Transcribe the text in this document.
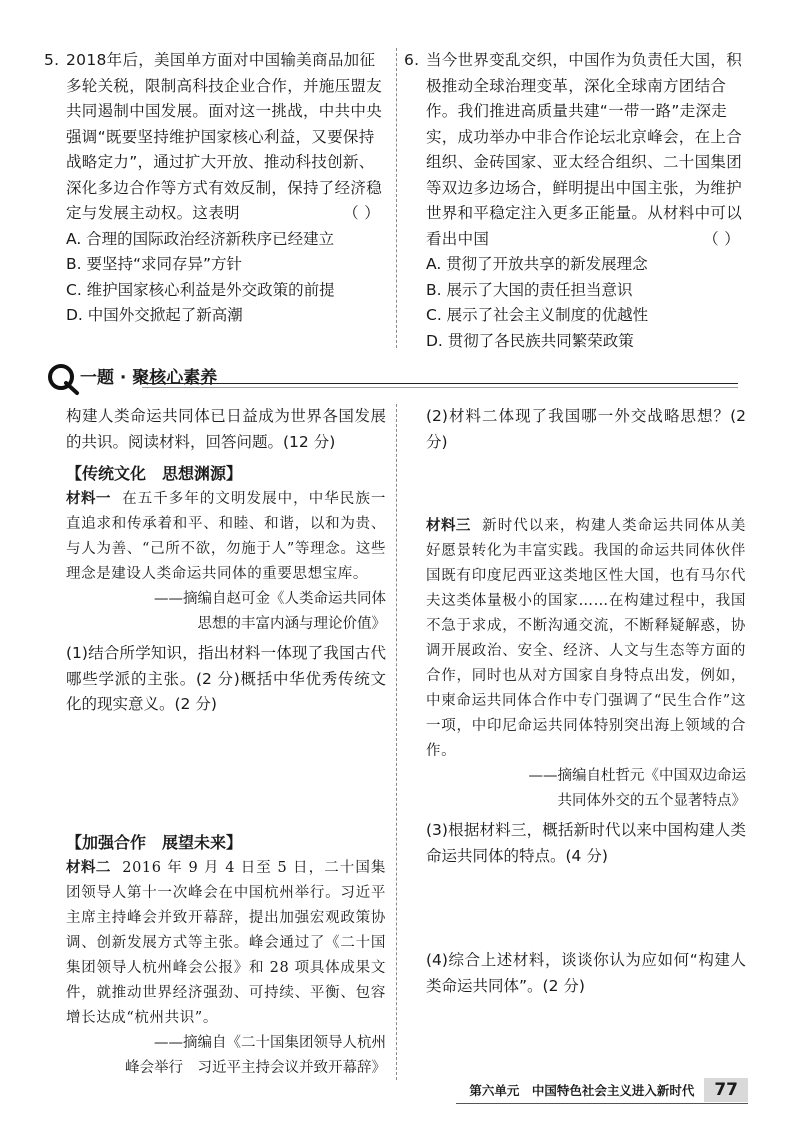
5. 2018年后，美国单方面对中国输美商品加征多轮关税，限制高科技企业合作，并施压盟友共同遏制中国发展。面对这一挑战，中共中央强调“既要坚持维护国家核心利益，又要保持战略定力”，通过扩大开放、推动科技创新、深化多边合作等方式有效反制，保持了经济稳定与发展主动权。这表明	（ ）

A. 合理的国际政治经济新秩序已经建立

B. 要坚持“求同存异”方针

C. 维护国家核心利益是外交政策的前提

D. 中国外交掀起了新高潮

6. 当今世界变乱交织，中国作为负责任大国，积极推动全球治理变革，深化全球南方团结合作。我们推进高质量共建“一带一路”走深走实，成功举办中非合作论坛北京峰会，在上合组织、金砖国家、亚太经合组织、二十国集团等双边多边场合，鲜明提出中国主张，为维护世界和平稳定注入更多正能量。从材料中可以看出中国	（ ）

A. 贯彻了开放共享的新发展理念

B. 展示了大国的责任担当意识

C. 展示了社会主义制度的优越性

D. 贯彻了各民族共同繁荣政策

一题 · 聚核心素养

构建人类命运共同体已日益成为世界各国发展的共识。阅读材料，回答问题。(12 分)

【传统文化　思想渊源】

材料一 在五千多年的文明发展中，中华民族一直追求和传承着和平、和睦、和谐，以和为贵、与人为善、“己所不欲，勿施于人”等理念。这些理念是建设人类命运共同体的重要思想宝库。

——摘编自赵可金《人类命运共同体

思想的丰富内涵与理论价值》

(1)结合所学知识，指出材料一体现了我国古代哪些学派的主张。(2 分)概括中华优秀传统文化的现实意义。(2 分)

【加强合作　展望未来】

材料二 2016 年 9 月 4 日至 5 日，二十国集团领导人第十一次峰会在中国杭州举行。习近平主席主持峰会并致开幕辞，提出加强宏观政策协调、创新发展方式等主张。峰会通过了《二十国集团领导人杭州峰会公报》和 28 项具体成果文件，就推动世界经济强劲、可持续、平衡、包容增长达成“杭州共识”。

——摘编自《二十国集团领导人杭州

峰会举行　习近平主持会议并致开幕辞》

(2)材料二体现了我国哪一外交战略思想？(2 分)

材料三 新时代以来，构建人类命运共同体从美好愿景转化为丰富实践。我国的命运共同体伙伴国既有印度尼西亚这类地区性大国，也有马尔代夫这类体量极小的国家……在构建过程中，我国不急于求成，不断沟通交流，不断释疑解惑，协调开展政治、安全、经济、人文与生态等方面的合作，同时也从对方国家自身特点出发，例如，中柬命运共同体合作中专门强调了“民生合作”这一项，中印尼命运共同体特别突出海上领域的合作。

——摘编自杜哲元《中国双边命运

共同体外交的五个显著特点》

(3)根据材料三，概括新时代以来中国构建人类命运共同体的特点。(4 分)

(4)综合上述材料，谈谈你认为应如何“构建人类命运共同体”。(2 分)

第六单元　中国特色社会主义进入新时代	77
